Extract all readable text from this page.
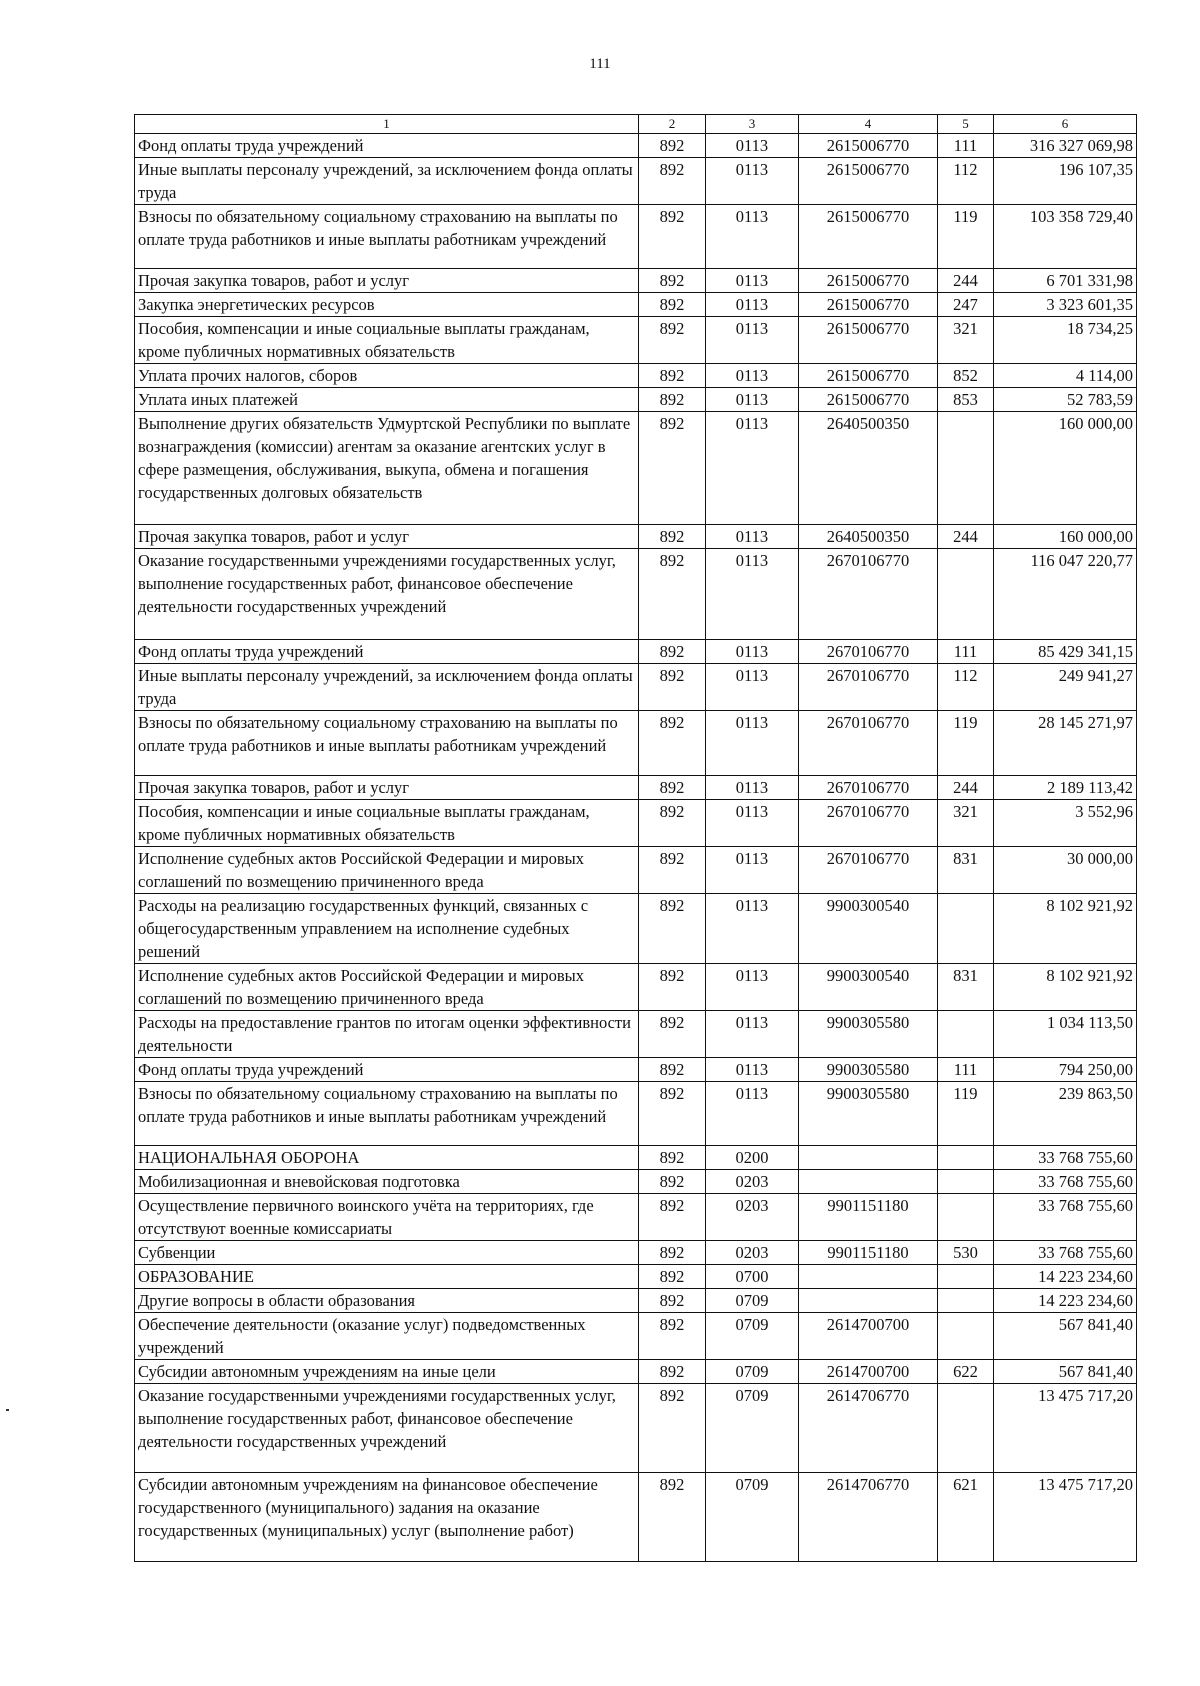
111
1	2	3	4	5	6
Фонд оплаты труда учреждений	892	0113	2615006770	111	316 327 069,98
Иные выплаты персоналу учреждений, за исключением фонда оплаты труда	892	0113	2615006770	112	196 107,35
Взносы по обязательному социальному страхованию на выплаты по оплате труда работников и иные выплаты работникам учреждений	892	0113	2615006770	119	103 358 729,40
Прочая закупка товаров, работ и услуг	892	0113	2615006770	244	6 701 331,98
Закупка энергетических ресурсов	892	0113	2615006770	247	3 323 601,35
Пособия, компенсации и иные социальные выплаты гражданам, кроме публичных нормативных обязательств	892	0113	2615006770	321	18 734,25
Уплата прочих налогов, сборов	892	0113	2615006770	852	4 114,00
Уплата иных платежей	892	0113	2615006770	853	52 783,59
Выполнение других обязательств Удмуртской Республики по выплате вознаграждения (комиссии) агентам за оказание агентских услуг в сфере размещения, обслуживания, выкупа, обмена и погашения государственных долговых обязательств	892	0113	2640500350		160 000,00
Прочая закупка товаров, работ и услуг	892	0113	2640500350	244	160 000,00
Оказание государственными учреждениями государственных услуг, выполнение государственных работ, финансовое обеспечение деятельности государственных учреждений	892	0113	2670106770		116 047 220,77
Фонд оплаты труда учреждений	892	0113	2670106770	111	85 429 341,15
Иные выплаты персоналу учреждений, за исключением фонда оплаты труда	892	0113	2670106770	112	249 941,27
Взносы по обязательному социальному страхованию на выплаты по оплате труда работников и иные выплаты работникам учреждений	892	0113	2670106770	119	28 145 271,97
Прочая закупка товаров, работ и услуг	892	0113	2670106770	244	2 189 113,42
Пособия, компенсации и иные социальные выплаты гражданам, кроме публичных нормативных обязательств	892	0113	2670106770	321	3 552,96
Исполнение судебных актов Российской Федерации и мировых соглашений по возмещению причиненного вреда	892	0113	2670106770	831	30 000,00
Расходы на реализацию государственных функций, связанных с общегосударственным управлением на исполнение судебных решений	892	0113	9900300540		8 102 921,92
Исполнение судебных актов Российской Федерации и мировых соглашений по возмещению причиненного вреда	892	0113	9900300540	831	8 102 921,92
Расходы на предоставление грантов по итогам оценки эффективности деятельности	892	0113	9900305580		1 034 113,50
Фонд оплаты труда учреждений	892	0113	9900305580	111	794 250,00
Взносы по обязательному социальному страхованию на выплаты по оплате труда работников и иные выплаты работникам учреждений	892	0113	9900305580	119	239 863,50
НАЦИОНАЛЬНАЯ ОБОРОНА	892	0200			33 768 755,60
Мобилизационная и вневойсковая подготовка	892	0203			33 768 755,60
Осуществление первичного воинского учёта на территориях, где отсутствуют военные комиссариаты	892	0203	9901151180		33 768 755,60
Субвенции	892	0203	9901151180	530	33 768 755,60
ОБРАЗОВАНИЕ	892	0700			14 223 234,60
Другие вопросы в области образования	892	0709			14 223 234,60
Обеспечение деятельности (оказание услуг) подведомственных учреждений	892	0709	2614700700		567 841,40
Субсидии автономным учреждениям на иные цели	892	0709	2614700700	622	567 841,40
Оказание государственными учреждениями государственных услуг, выполнение государственных работ, финансовое обеспечение деятельности государственных учреждений	892	0709	2614706770		13 475 717,20
Субсидии автономным учреждениям на финансовое обеспечение государственного (муниципального) задания на оказание государственных (муниципальных) услуг (выполнение работ)	892	0709	2614706770	621	13 475 717,20
